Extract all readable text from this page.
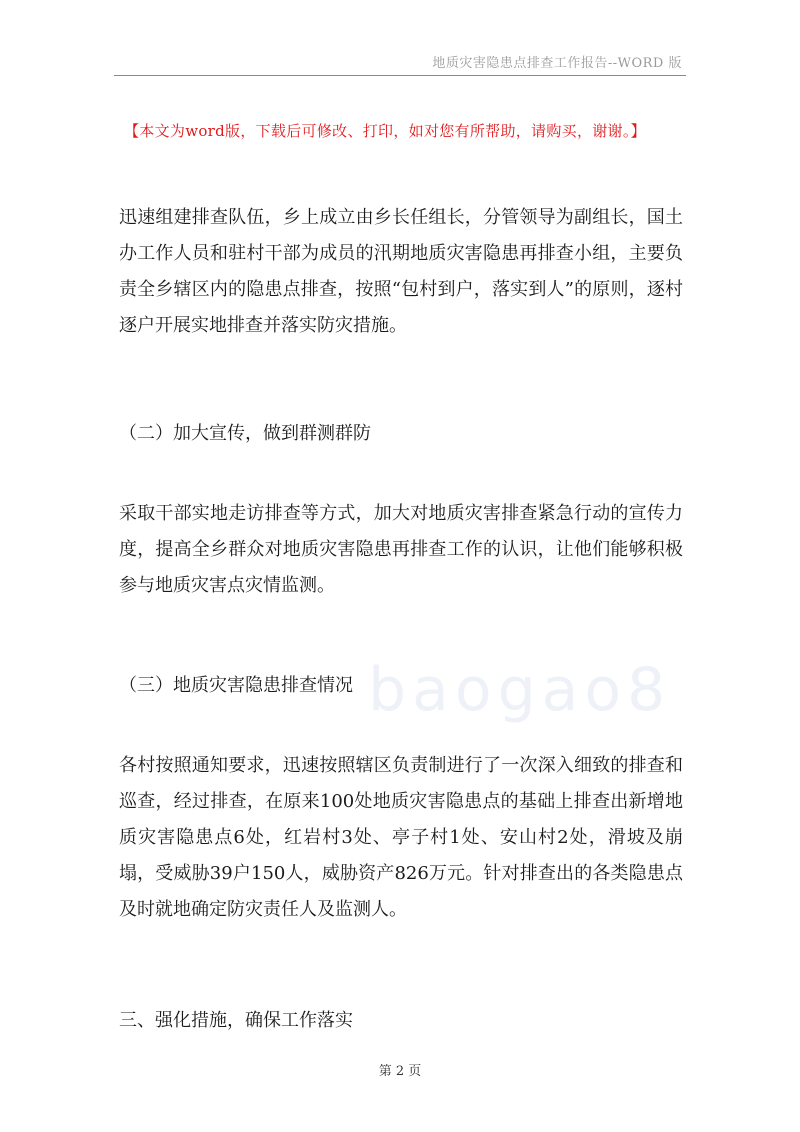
地质灾害隐患点排查工作报告--WORD 版
【本文为word版，下载后可修改、打印，如对您有所帮助，请购买，谢谢。】
迅速组建排查队伍，乡上成立由乡长任组长，分管领导为副组长，国土办工作人员和驻村干部为成员的汛期地质灾害隐患再排查小组，主要负责全乡辖区内的隐患点排查，按照“包村到户，落实到人”的原则，逐村逐户开展实地排查并落实防灾措施。
（二）加大宣传，做到群测群防
采取干部实地走访排查等方式，加大对地质灾害排查紧急行动的宣传力度，提高全乡群众对地质灾害隐患再排查工作的认识，让他们能够积极参与地质灾害点灾情监测。
（三）地质灾害隐患排查情况
各村按照通知要求，迅速按照辖区负责制进行了一次深入细致的排查和巡查，经过排查，在原来100处地质灾害隐患点的基础上排查出新增地质灾害隐患点6处，红岩村3处、亭子村1处、安山村2处，滑坡及崩塌，受威胁39户150人，威胁资产826万元。针对排查出的各类隐患点及时就地确定防灾责任人及监测人。
三、强化措施，确保工作落实
baogao8
第 2 页
